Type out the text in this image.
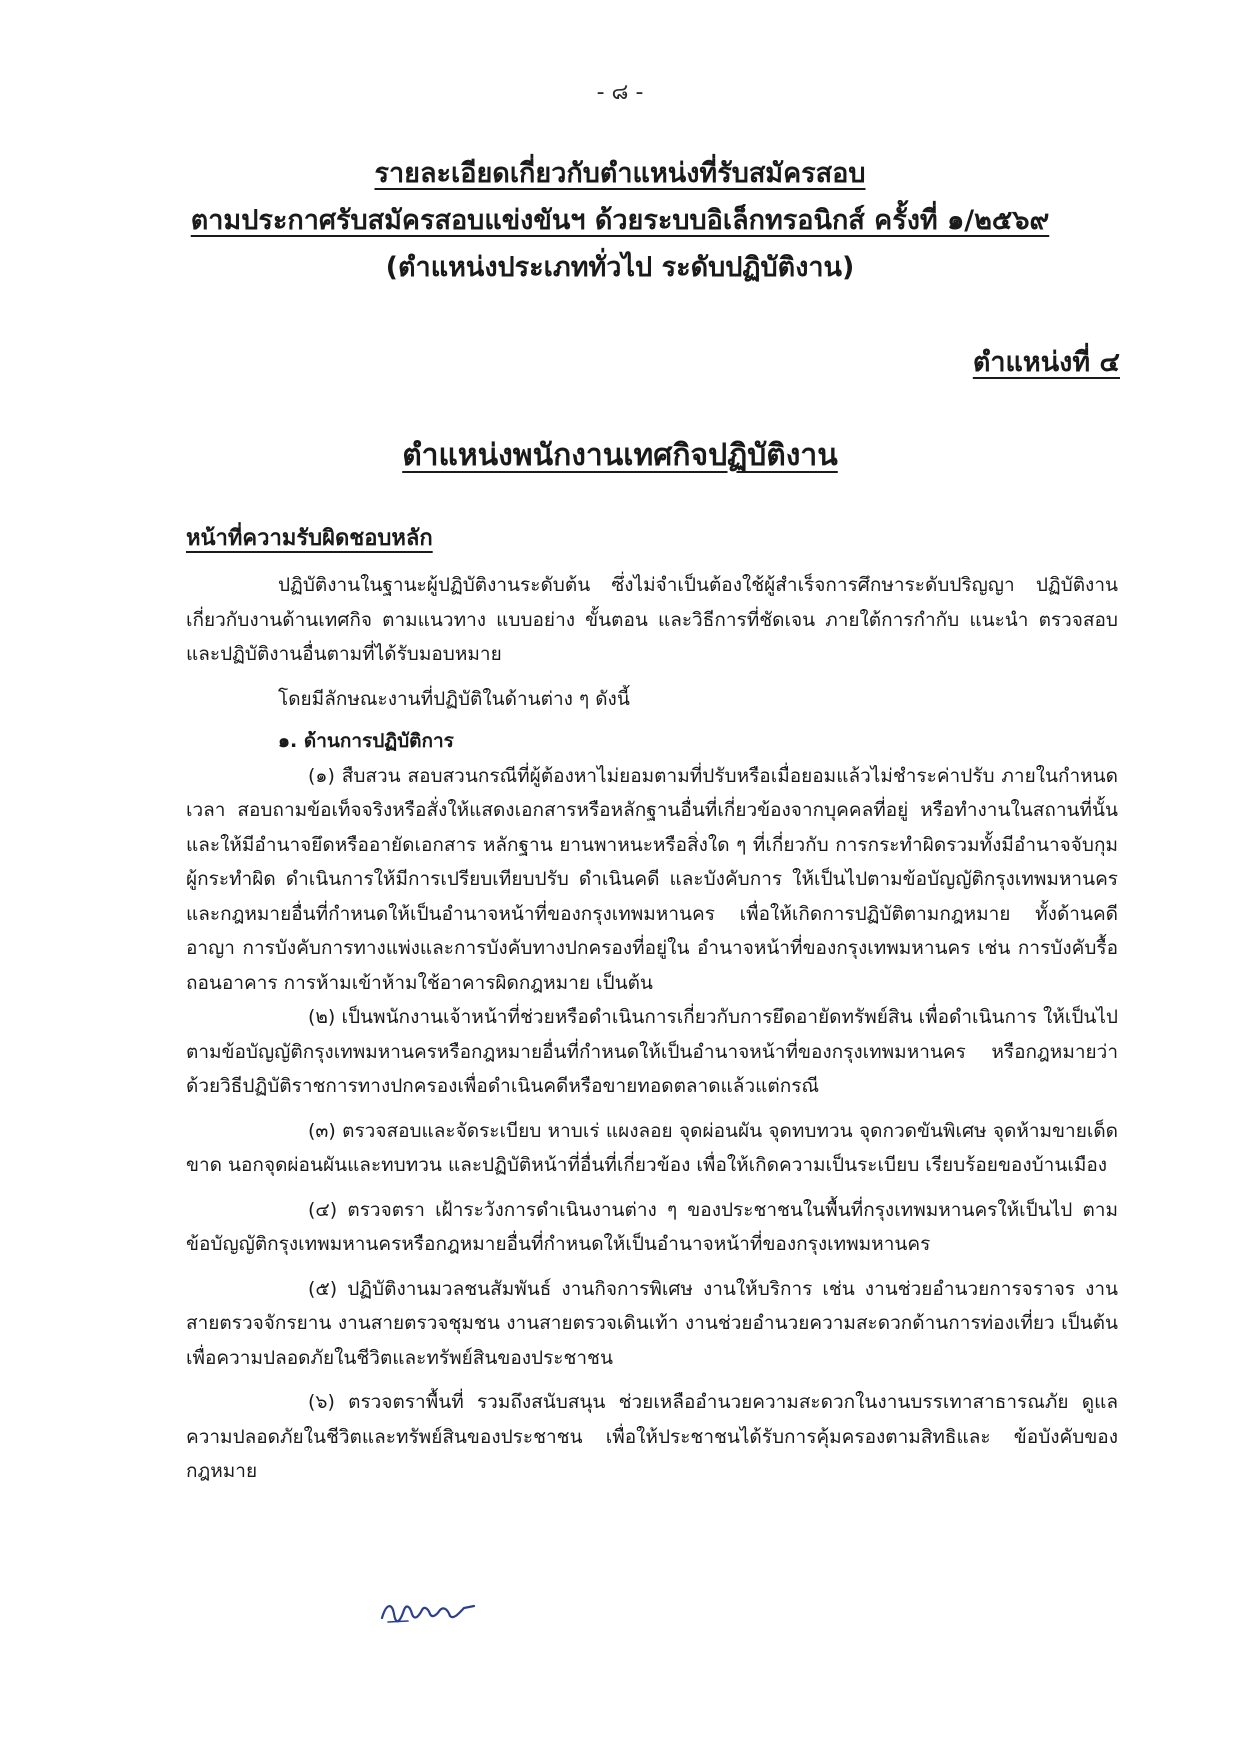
- ๘ -
รายละเอียดเกี่ยวกับตำแหน่งที่รับสมัครสอบ
ตามประกาศรับสมัครสอบแข่งขันฯ ด้วยระบบอิเล็กทรอนิกส์ ครั้งที่ ๑/๒๕๖๙
(ตำแหน่งประเภททั่วไป ระดับปฏิบัติงาน)
ตำแหน่งที่ ๔
ตำแหน่งพนักงานเทศกิจปฏิบัติงาน
หน้าที่ความรับผิดชอบหลัก

ปฏิบัติงานในฐานะผู้ปฏิบัติงานระดับต้น ซึ่งไม่จำเป็นต้องใช้ผู้สำเร็จการศึกษาระดับปริญญา ปฏิบัติงานเกี่ยวกับงานด้านเทศกิจ ตามแนวทาง แบบอย่าง ขั้นตอน และวิธีการที่ชัดเจน ภายใต้การกำกับ แนะนำ ตรวจสอบ และปฏิบัติงานอื่นตามที่ได้รับมอบหมาย

โดยมีลักษณะงานที่ปฏิบัติในด้านต่าง ๆ ดังนี้

๑. ด้านการปฏิบัติการ

(๑) สืบสวน สอบสวนกรณีที่ผู้ต้องหาไม่ยอมตามที่ปรับหรือเมื่อยอมแล้วไม่ชำระค่าปรับ ภายในกำหนดเวลา สอบถามข้อเท็จจริงหรือสั่งให้แสดงเอกสารหรือหลักฐานอื่นที่เกี่ยวข้องจากบุคคลที่อยู่ หรือทำงานในสถานที่นั้น และให้มีอำนาจยึดหรืออายัดเอกสาร หลักฐาน ยานพาหนะหรือสิ่งใด ๆ ที่เกี่ยวกับ การกระทำผิดรวมทั้งมีอำนาจจับกุมผู้กระทำผิด ดำเนินการให้มีการเปรียบเทียบปรับ ดำเนินคดี และบังคับการ ให้เป็นไปตามข้อบัญญัติกรุงเทพมหานคร และกฎหมายอื่นที่กำหนดให้เป็นอำนาจหน้าที่ของกรุงเทพมหานคร เพื่อให้เกิดการปฏิบัติตามกฎหมาย ทั้งด้านคดีอาญา การบังคับการทางแพ่งและการบังคับทางปกครองที่อยู่ใน อำนาจหน้าที่ของกรุงเทพมหานคร เช่น การบังคับรื้อถอนอาคาร การห้ามเข้าห้ามใช้อาคารผิดกฎหมาย เป็นต้น

(๒) เป็นพนักงานเจ้าหน้าที่ช่วยหรือดำเนินการเกี่ยวกับการยึดอายัดทรัพย์สิน เพื่อดำเนินการ ให้เป็นไปตามข้อบัญญัติกรุงเทพมหานครหรือกฎหมายอื่นที่กำหนดให้เป็นอำนาจหน้าที่ของกรุงเทพมหานคร หรือกฎหมายว่าด้วยวิธีปฏิบัติราชการทางปกครองเพื่อดำเนินคดีหรือขายทอดตลาดแล้วแต่กรณี

(๓) ตรวจสอบและจัดระเบียบ หาบเร่ แผงลอย จุดผ่อนผัน จุดทบทวน จุดกวดขันพิเศษ จุดห้ามขายเด็ดขาด นอกจุดผ่อนผันและทบทวน และปฏิบัติหน้าที่อื่นที่เกี่ยวข้อง เพื่อให้เกิดความเป็นระเบียบ เรียบร้อยของบ้านเมือง

(๔) ตรวจตรา เฝ้าระวังการดำเนินงานต่าง ๆ ของประชาชนในพื้นที่กรุงเทพมหานครให้เป็นไป ตามข้อบัญญัติกรุงเทพมหานครหรือกฎหมายอื่นที่กำหนดให้เป็นอำนาจหน้าที่ของกรุงเทพมหานคร

(๕) ปฏิบัติงานมวลชนสัมพันธ์ งานกิจการพิเศษ งานให้บริการ เช่น งานช่วยอำนวยการจราจร งานสายตรวจจักรยาน งานสายตรวจชุมชน งานสายตรวจเดินเท้า งานช่วยอำนวยความสะดวกด้านการท่องเที่ยว เป็นต้น เพื่อความปลอดภัยในชีวิตและทรัพย์สินของประชาชน

(๖) ตรวจตราพื้นที่ รวมถึงสนับสนุน ช่วยเหลืออำนวยความสะดวกในงานบรรเทาสาธารณภัย ดูแลความปลอดภัยในชีวิตและทรัพย์สินของประชาชน เพื่อให้ประชาชนได้รับการคุ้มครองตามสิทธิและ ข้อบังคับของกฎหมาย
